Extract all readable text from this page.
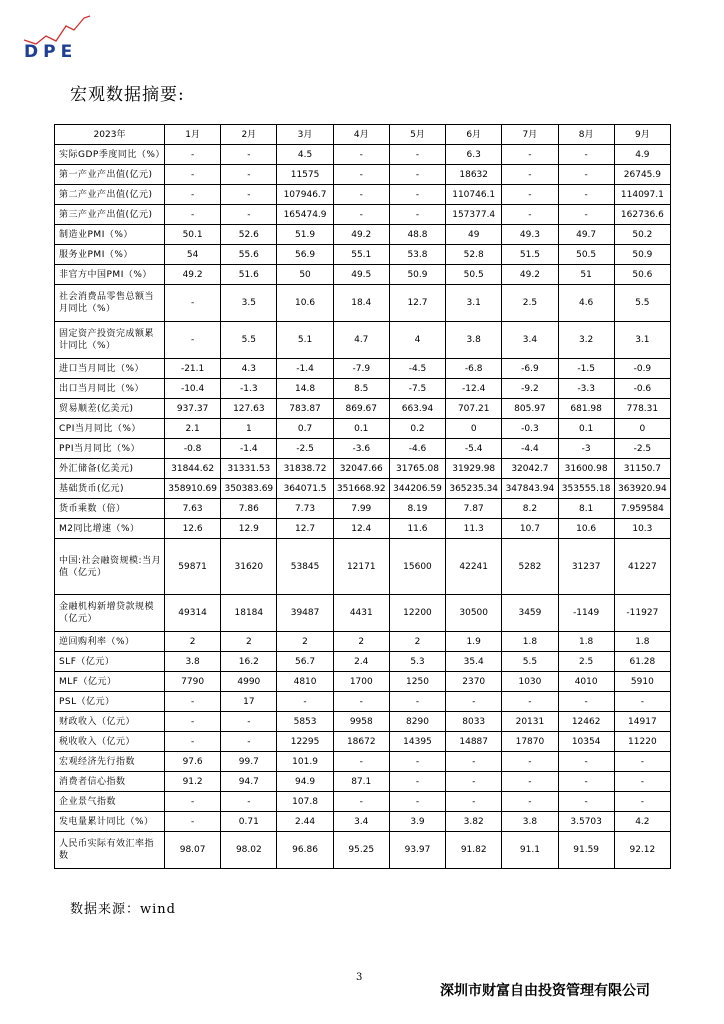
DPE
宏观数据摘要:
2023年	1月	2月	3月	4月	5月	6月	7月	8月	9月
实际GDP季度同比（%）	-	-	4.5	-	-	6.3	-	-	4.9
第一产业产出值(亿元)	-	-	11575	-	-	18632	-	-	26745.9
第二产业产出值(亿元)	-	-	107946.7	-	-	110746.1	-	-	114097.1
第三产业产出值(亿元)	-	-	165474.9	-	-	157377.4	-	-	162736.6
制造业PMI（%）	50.1	52.6	51.9	49.2	48.8	49	49.3	49.7	50.2
服务业PMI（%）	54	55.6	56.9	55.1	53.8	52.8	51.5	50.5	50.9
非官方中国PMI（%）	49.2	51.6	50	49.5	50.9	50.5	49.2	51	50.6
社会消费品零售总额当月同比（%）	-	3.5	10.6	18.4	12.7	3.1	2.5	4.6	5.5
固定资产投资完成额累计同比（%）	-	5.5	5.1	4.7	4	3.8	3.4	3.2	3.1
进口当月同比（%）	-21.1	4.3	-1.4	-7.9	-4.5	-6.8	-6.9	-1.5	-0.9
出口当月同比（%）	-10.4	-1.3	14.8	8.5	-7.5	-12.4	-9.2	-3.3	-0.6
贸易顺差(亿美元)	937.37	127.63	783.87	869.67	663.94	707.21	805.97	681.98	778.31
CPI当月同比（%）	2.1	1	0.7	0.1	0.2	0	-0.3	0.1	0
PPI当月同比（%）	-0.8	-1.4	-2.5	-3.6	-4.6	-5.4	-4.4	-3	-2.5
外汇储备(亿美元)	31844.62	31331.53	31838.72	32047.66	31765.08	31929.98	32042.7	31600.98	31150.7
基础货币(亿元)	358910.69	350383.69	364071.5	351668.92	344206.59	365235.34	347843.94	353555.18	363920.94
货币乘数（倍）	7.63	7.86	7.73	7.99	8.19	7.87	8.2	8.1	7.959584
M2同比增速（%）	12.6	12.9	12.7	12.4	11.6	11.3	10.7	10.6	10.3
中国:社会融资规模:当月值（亿元）	59871	31620	53845	12171	15600	42241	5282	31237	41227
金融机构新增贷款规模（亿元）	49314	18184	39487	4431	12200	30500	3459	-1149	-11927
逆回购利率（%）	2	2	2	2	2	1.9	1.8	1.8	1.8
SLF（亿元）	3.8	16.2	56.7	2.4	5.3	35.4	5.5	2.5	61.28
MLF（亿元）	7790	4990	4810	1700	1250	2370	1030	4010	5910
PSL（亿元）	-	17	-	-	-	-	-	-	-
财政收入（亿元）	-	-	5853	9958	8290	8033	20131	12462	14917
税收收入（亿元）	-	-	12295	18672	14395	14887	17870	10354	11220
宏观经济先行指数	97.6	99.7	101.9	-	-	-	-	-	-
消费者信心指数	91.2	94.7	94.9	87.1	-	-	-	-	-
企业景气指数	-	-	107.8	-	-	-	-	-	-
发电量累计同比（%）	-	0.71	2.44	3.4	3.9	3.82	3.8	3.5703	4.2
人民币实际有效汇率指数	98.07	98.02	96.86	95.25	93.97	91.82	91.1	91.59	92.12
数据来源：wind
3
深圳市财富自由投资管理有限公司
